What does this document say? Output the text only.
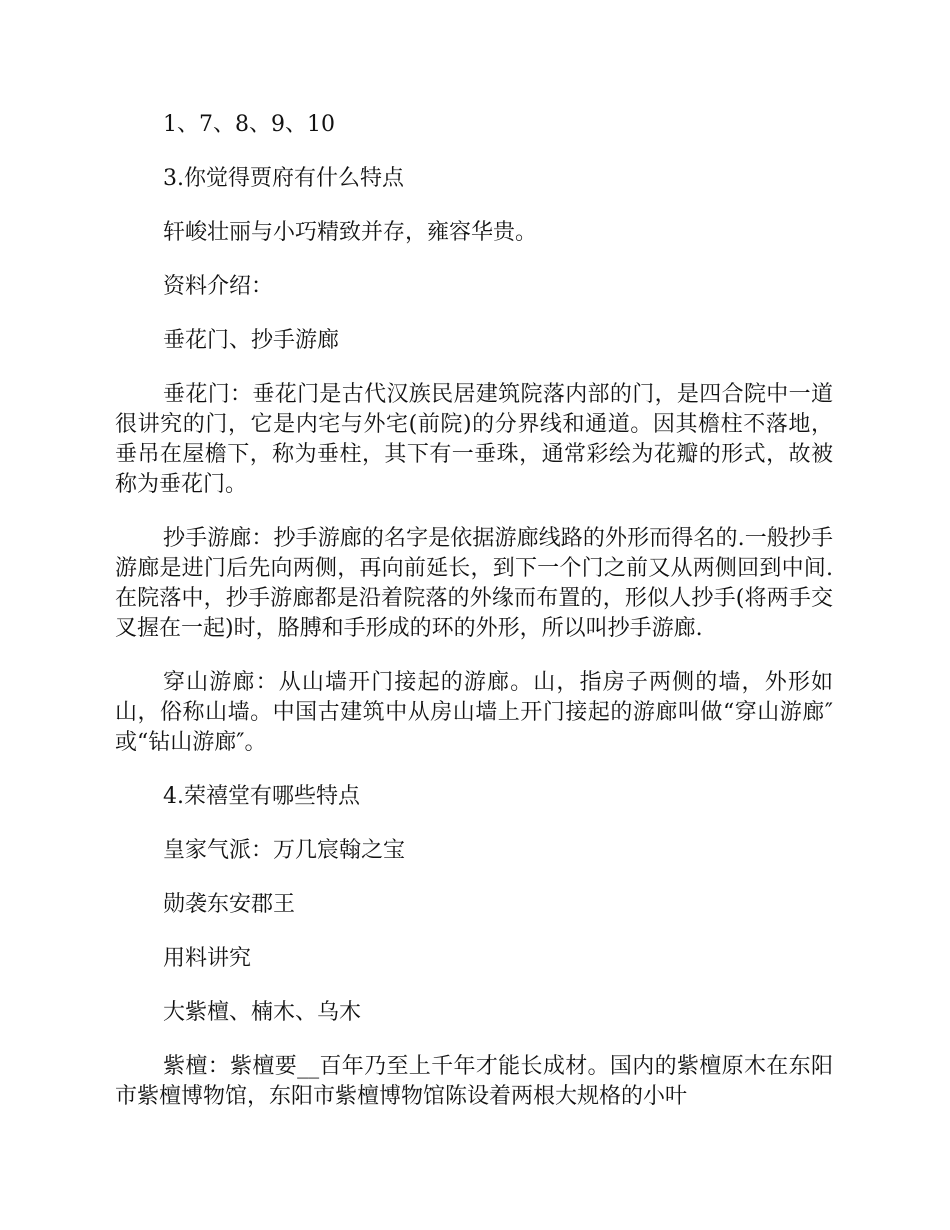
1、7、8、9、10

3.你觉得贾府有什么特点

轩峻壮丽与小巧精致并存，雍容华贵。

资料介绍：

垂花门、抄手游廊

垂花门：垂花门是古代汉族民居建筑院落内部的门，是四合院中一道很讲究的门，它是内宅与外宅(前院)的分界线和通道。因其檐柱不落地，垂吊在屋檐下，称为垂柱，其下有一垂珠，通常彩绘为花瓣的形式，故被称为垂花门。

抄手游廊：抄手游廊的名字是依据游廊线路的外形而得名的.一般抄手游廊是进门后先向两侧，再向前延长，到下一个门之前又从两侧回到中间.在院落中，抄手游廊都是沿着院落的外缘而布置的，形似人抄手(将两手交叉握在一起)时，胳膊和手形成的环的外形，所以叫抄手游廊.

穿山游廊：从山墙开门接起的游廊。山，指房子两侧的墙，外形如山，俗称山墙。中国古建筑中从房山墙上开门接起的游廊叫做“穿山游廊″或“钻山游廊″。

4.荣禧堂有哪些特点

皇家气派：万几宸翰之宝

勋袭东安郡王

用料讲究

大紫檀、楠木、乌木

紫檀：紫檀要__百年乃至上千年才能长成材。国内的紫檀原木在东阳市紫檀博物馆，东阳市紫檀博物馆陈设着两根大规格的小叶
